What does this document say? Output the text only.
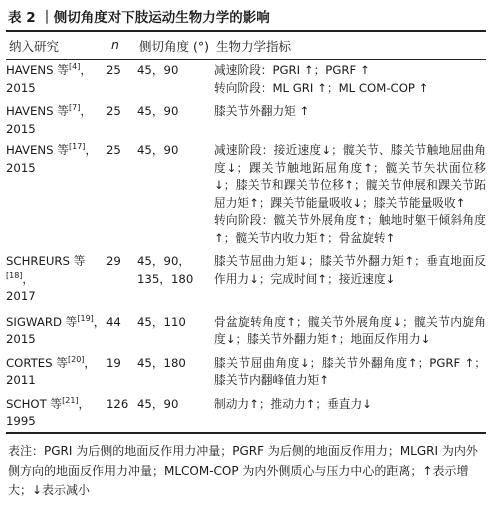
表 2 ｜侧切角度对下肢运动生物力学的影响
纳入研究	n 侧切角度 (°) 生物力学指标
HAVENS 等[4]，
2015	25	45，90	减速阶段：PGRI ↑；PGRF ↑
转向阶段：ML GRI ↑；ML COM-COP ↑
HAVENS 等[7]，
2015	25	45，90	膝关节外翻力矩 ↑
HAVENS 等[17]，
2015	25	45，90	减速阶段：接近速度↓；髋关节、膝关节触地屈曲角度↓；踝关节触地跖屈角度↑；髋关节矢状面位移↓；膝关节和踝关节位移↑；髋关节伸展和踝关节跖屈力矩↑；踝关节能量吸收↓；膝关节能量吸收↑
转向阶段：髋关节外展角度↑；触地时躯干倾斜角度↑；髋关节内收力矩↑；骨盆旋转↑
SCHREURS 等[18]，
2017	29	45，90，
135，180	膝关节屈曲力矩↓；膝关节外翻力矩↑；垂直地面反作用力↓；完成时间↑；接近速度↓
SIGWARD 等[19]，
2015	44	45，110	骨盆旋转角度↑；髋关节外展角度↓；髋关节内旋角度↓；膝关节外翻力矩↑；地面反作用力↓
CORTES 等[20]，
2011	19	45，180	膝关节屈曲角度↓；膝关节外翻角度↑；PGRF ↑；膝关节内翻峰值力矩↑
SCHOT 等[21]，
1995	126	45，90	制动力↑；推动力↑；垂直力↓
表注：PGRI 为后侧的地面反作用力冲量；PGRF 为后侧的地面反作用力；MLGRI 为内外侧方向的地面反作用力冲量；MLCOM-COP 为内外侧质心与压力中心的距离；↑表示增大；↓表示减小
